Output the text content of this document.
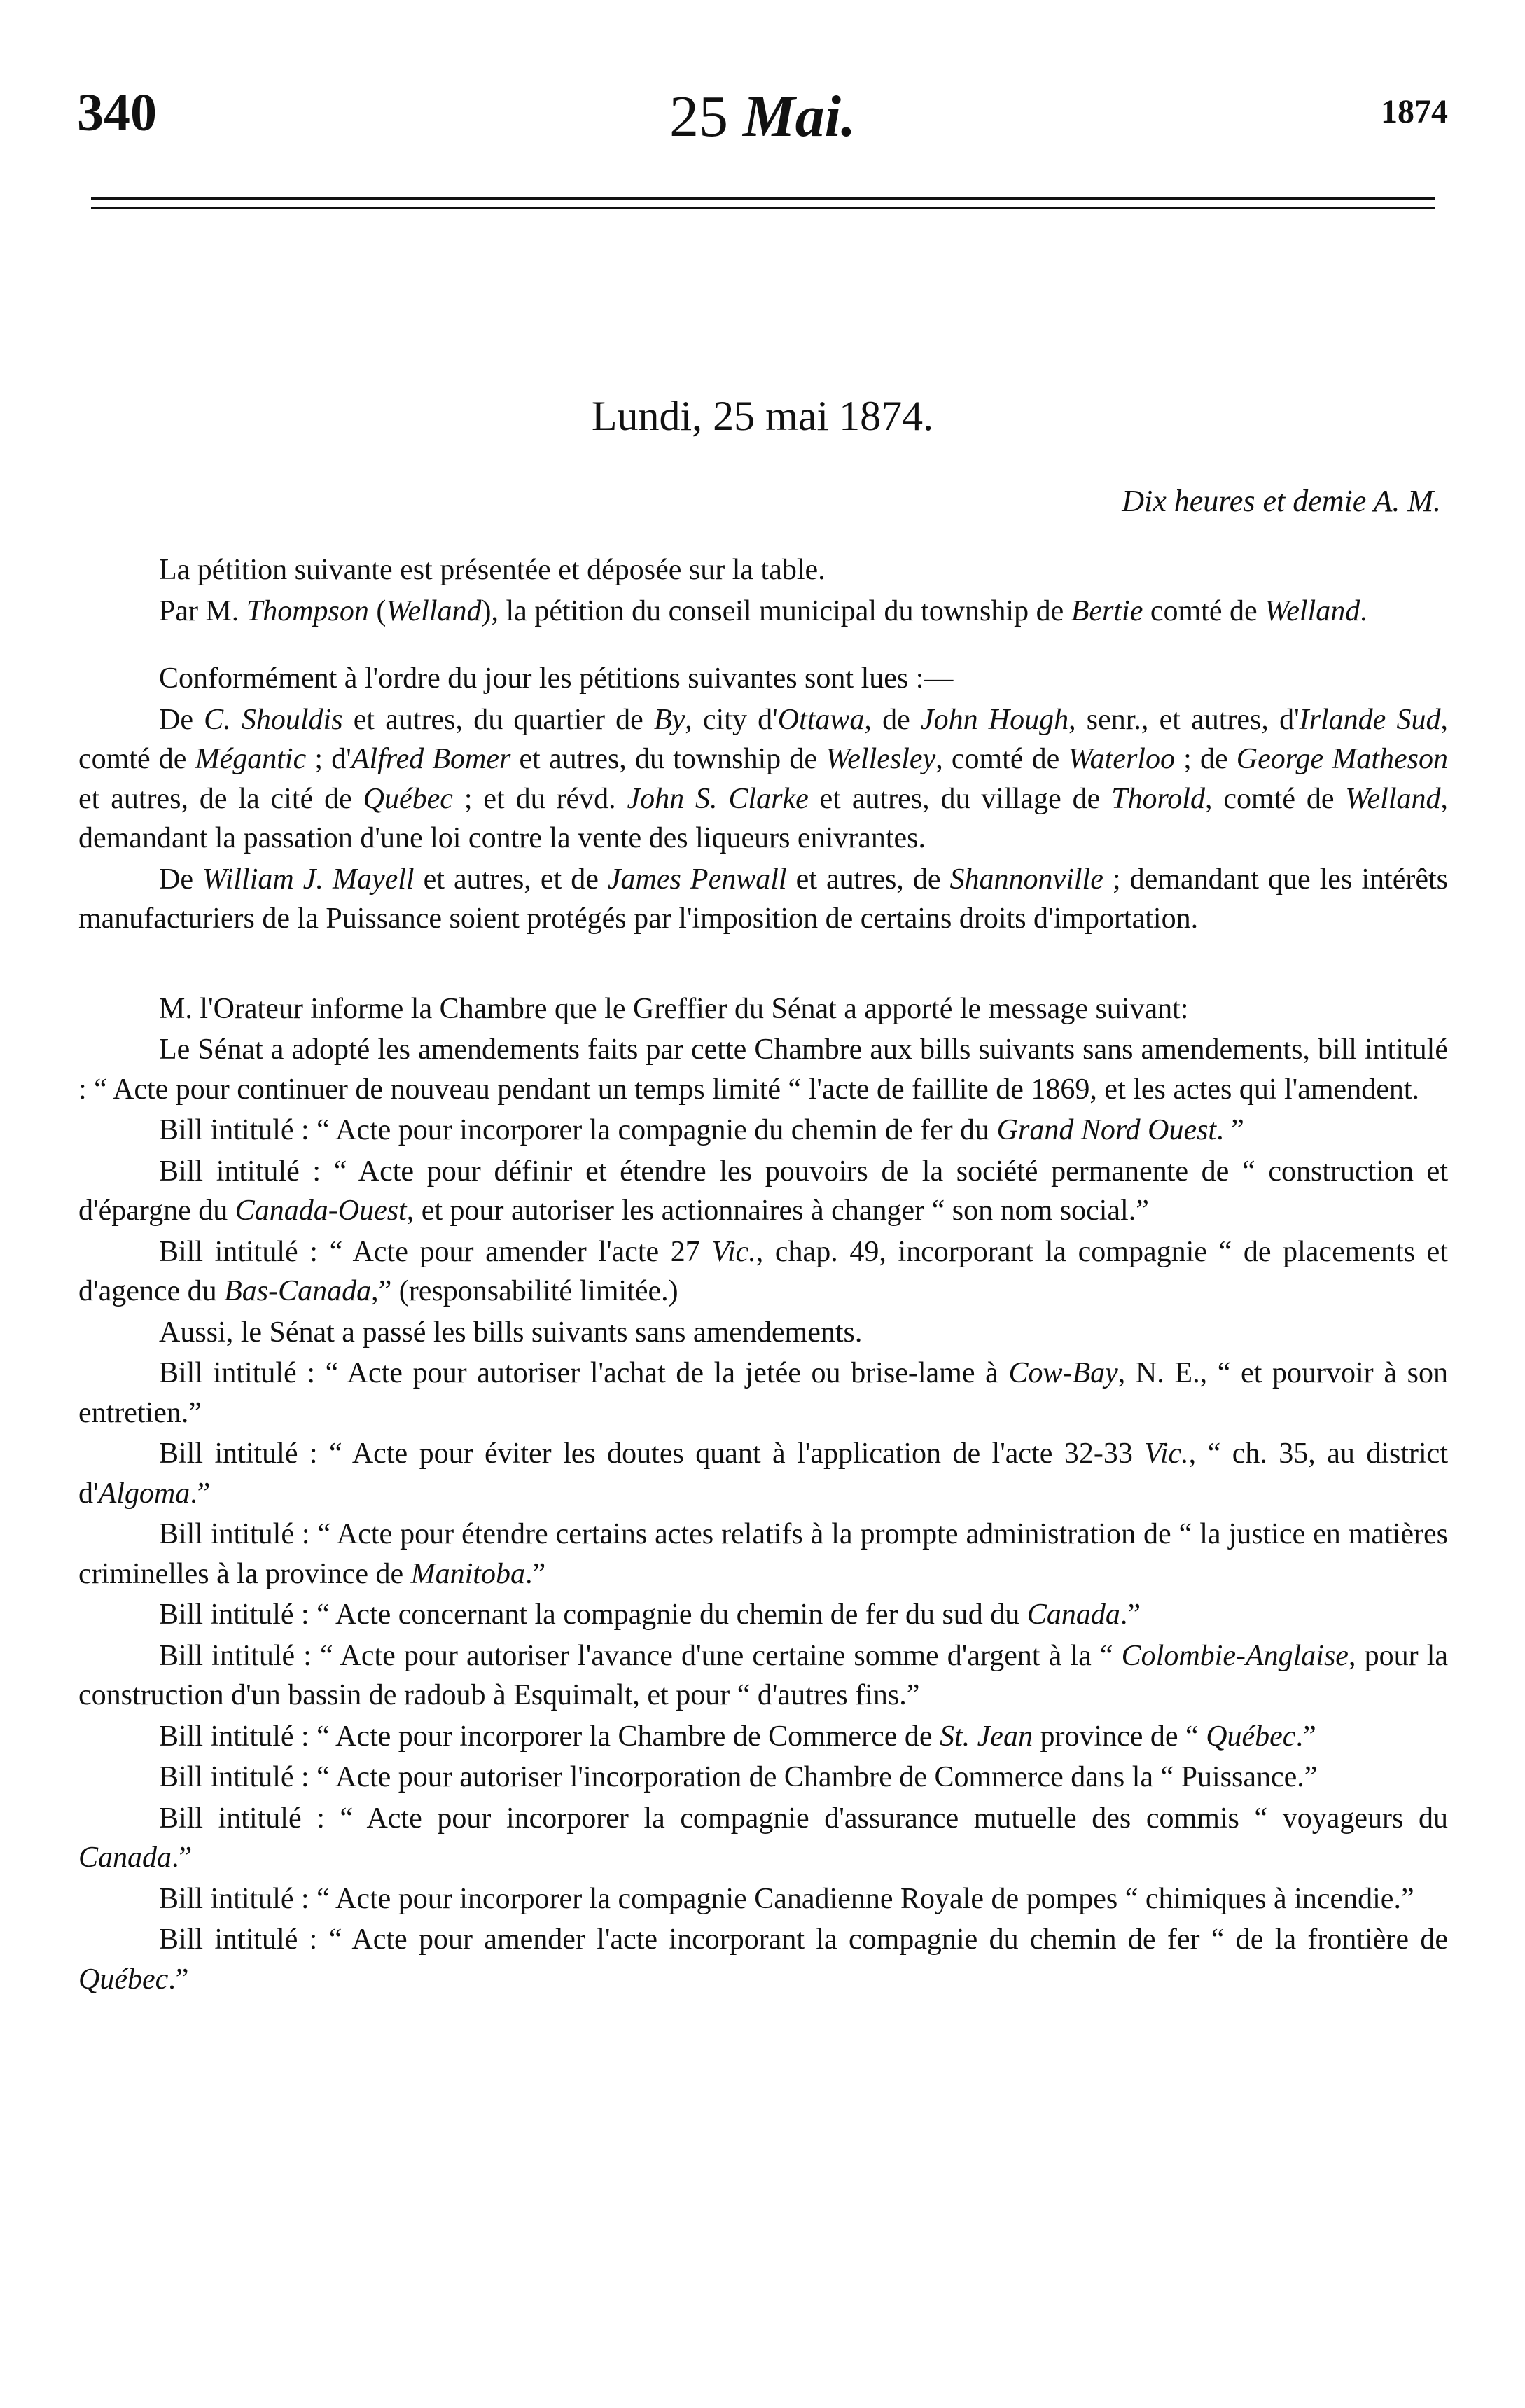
340	25 Mai.	1874
Lundi, 25 mai 1874.
Dix heures et demie A. M.

La pétition suivante est présentée et déposée sur la table.

Par M. Thompson (Welland), la pétition du conseil municipal du township de Bertie comté de Welland.

Conformément à l'ordre du jour les pétitions suivantes sont lues :—

De C. Shouldis et autres, du quartier de By, city d'Ottawa, de John Hough, senr., et autres, d'Irlande Sud, comté de Mégantic ; d'Alfred Bomer et autres, du township de Wellesley, comté de Waterloo ; de George Matheson et autres, de la cité de Québec ; et du révd. John S. Clarke et autres, du village de Thorold, comté de Welland, demandant la passation d'une loi contre la vente des liqueurs enivrantes.

De William J. Mayell et autres, et de James Penwall et autres, de Shannonville ; demandant que les intérêts manufacturiers de la Puissance soient protégés par l'imposition de certains droits d'importation.

M. l'Orateur informe la Chambre que le Greffier du Sénat a apporté le message suivant:

Le Sénat a adopté les amendements faits par cette Chambre aux bills suivants sans amendements, bill intitulé : “ Acte pour continuer de nouveau pendant un temps limité “ l'acte de faillite de 1869, et les actes qui l'amendent.

Bill intitulé : “ Acte pour incorporer la compagnie du chemin de fer du Grand Nord Ouest. ”

Bill intitulé : “ Acte pour définir et étendre les pouvoirs de la société permanente de “ construction et d'épargne du Canada-Ouest, et pour autoriser les actionnaires à changer “ son nom social.”

Bill intitulé : “ Acte pour amender l'acte 27 Vic., chap. 49, incorporant la compagnie “ de placements et d'agence du Bas-Canada,” (responsabilité limitée.)

Aussi, le Sénat a passé les bills suivants sans amendements.

Bill intitulé : “ Acte pour autoriser l'achat de la jetée ou brise-lame à Cow-Bay, N. E., “ et pourvoir à son entretien.”

Bill intitulé : “ Acte pour éviter les doutes quant à l'application de l'acte 32-33 Vic., “ ch. 35, au district d'Algoma.”

Bill intitulé : “ Acte pour étendre certains actes relatifs à la prompte administration de “ la justice en matières criminelles à la province de Manitoba.”

Bill intitulé : “ Acte concernant la compagnie du chemin de fer du sud du Canada.”

Bill intitulé : “ Acte pour autoriser l'avance d'une certaine somme d'argent à la “ Colombie-Anglaise, pour la construction d'un bassin de radoub à Esquimalt, et pour “ d'autres fins.”

Bill intitulé : “ Acte pour incorporer la Chambre de Commerce de St. Jean province de “ Québec.”

Bill intitulé : “ Acte pour autoriser l'incorporation de Chambre de Commerce dans la “ Puissance.”

Bill intitulé : “ Acte pour incorporer la compagnie d'assurance mutuelle des commis “ voyageurs du Canada.”

Bill intitulé : “ Acte pour incorporer la compagnie Canadienne Royale de pompes “ chimiques à incendie.”

Bill intitulé : “ Acte pour amender l'acte incorporant la compagnie du chemin de fer “ de la frontière de Québec.”
